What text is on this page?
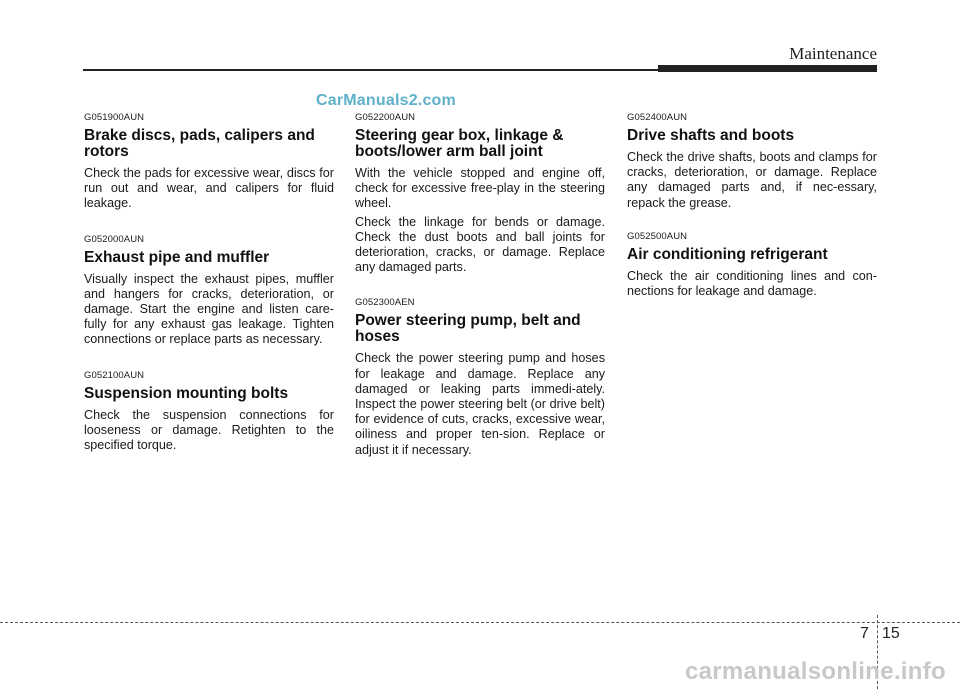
Maintenance
CarManuals2.com
G051900AUN
Brake discs, pads, calipers and rotors
Check the pads for excessive wear, discs for run out and wear, and calipers for fluid leakage.
G052000AUN
Exhaust pipe and muffler
Visually inspect the exhaust pipes, muffler and hangers for cracks, deterioration, or damage. Start the engine and listen care-fully for any exhaust gas leakage. Tighten connections or replace parts as necessary.
G052100AUN
Suspension mounting bolts
Check the suspension connections for looseness or damage. Retighten to the specified torque.
G052200AUN
Steering gear box, linkage & boots/lower arm ball joint
With the vehicle stopped and engine off, check for excessive free-play in the steering wheel.
Check the linkage for bends or damage. Check the dust boots and ball joints for deterioration, cracks, or damage. Replace any damaged parts.
G052300AEN
Power steering pump, belt and hoses
Check the power steering pump and hoses for leakage and damage. Replace any damaged or leaking parts immedi-ately. Inspect the power steering belt (or drive belt) for evidence of cuts, cracks, excessive wear, oiliness and proper ten-sion. Replace or adjust it if necessary.
G052400AUN
Drive shafts and boots
Check the drive shafts, boots and clamps for cracks, deterioration, or damage. Replace any damaged parts and, if nec-essary, repack the grease.
G052500AUN
Air conditioning refrigerant
Check the air conditioning lines and con-nections for leakage and damage.
7 15
carmanualsonline.info
